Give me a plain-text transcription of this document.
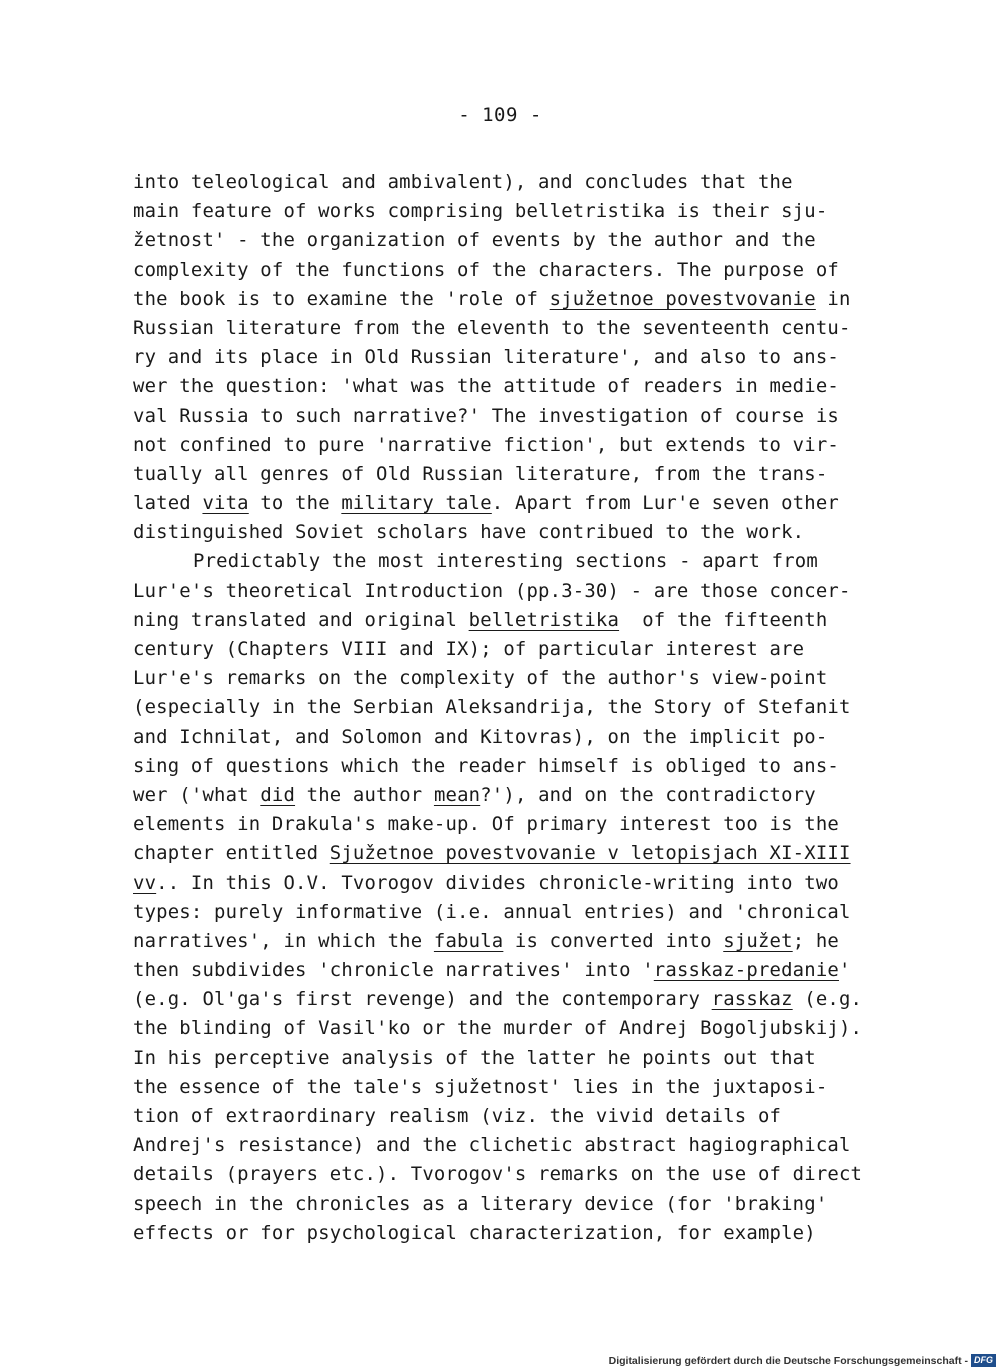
- 109 -
into teleological and ambivalent), and concludes that the
main feature of works comprising belletristika is their sju-
žetnost' - the organization of events by the author and the
complexity of the functions of the characters. The purpose of
the book is to examine the 'role of sjužetnoe povestvovanie in
Russian literature from the eleventh to the seventeenth centu-
ry and its place in Old Russian literature', and also to ans-
wer the question: 'what was the attitude of readers in medie-
val Russia to such narrative?' The investigation of course is
not confined to pure 'narrative fiction', but extends to vir-
tually all genres of Old Russian literature, from the trans-
lated vita to the military tale. Apart from Lur'e seven other
distinguished Soviet scholars have contribued to the work.
Predictably the most interesting sections - apart from
Lur'e's theoretical Introduction (pp.3-30) - are those concer-
ning translated and original belletristika  of the fifteenth
century (Chapters VIII and IX); of particular interest are
Lur'e's remarks on the complexity of the author's view-point
(especially in the Serbian Aleksandrija, the Story of Stefanit
and Ichnilat, and Solomon and Kitovras), on the implicit po-
sing of questions which the reader himself is obliged to ans-
wer ('what did the author mean?'), and on the contradictory
elements in Drakula's make-up. Of primary interest too is the
chapter entitled Sjužetnoe povestvovanie v letopisjach XI-XIII
vv.. In this O.V. Tvorogov divides chronicle-writing into two
types: purely informative (i.e. annual entries) and 'chronical
narratives', in which the fabula is converted into sjužet; he
then subdivides 'chronicle narratives' into 'rasskaz-predanie'
(e.g. Ol'ga's first revenge) and the contemporary rasskaz (e.g.
the blinding of Vasil'ko or the murder of Andrej Bogoljubskij).
In his perceptive analysis of the latter he points out that
the essence of the tale's sjužetnost' lies in the juxtaposi-
tion of extraordinary realism (viz. the vivid details of
Andrej's resistance) and the clichetic abstract hagiographical
details (prayers etc.). Tvorogov's remarks on the use of direct
speech in the chronicles as a literary device (for 'braking'
effects or for psychological characterization, for example)
Digitalisierung gefördert durch die Deutsche Forschungsgemeinschaft - DFG
